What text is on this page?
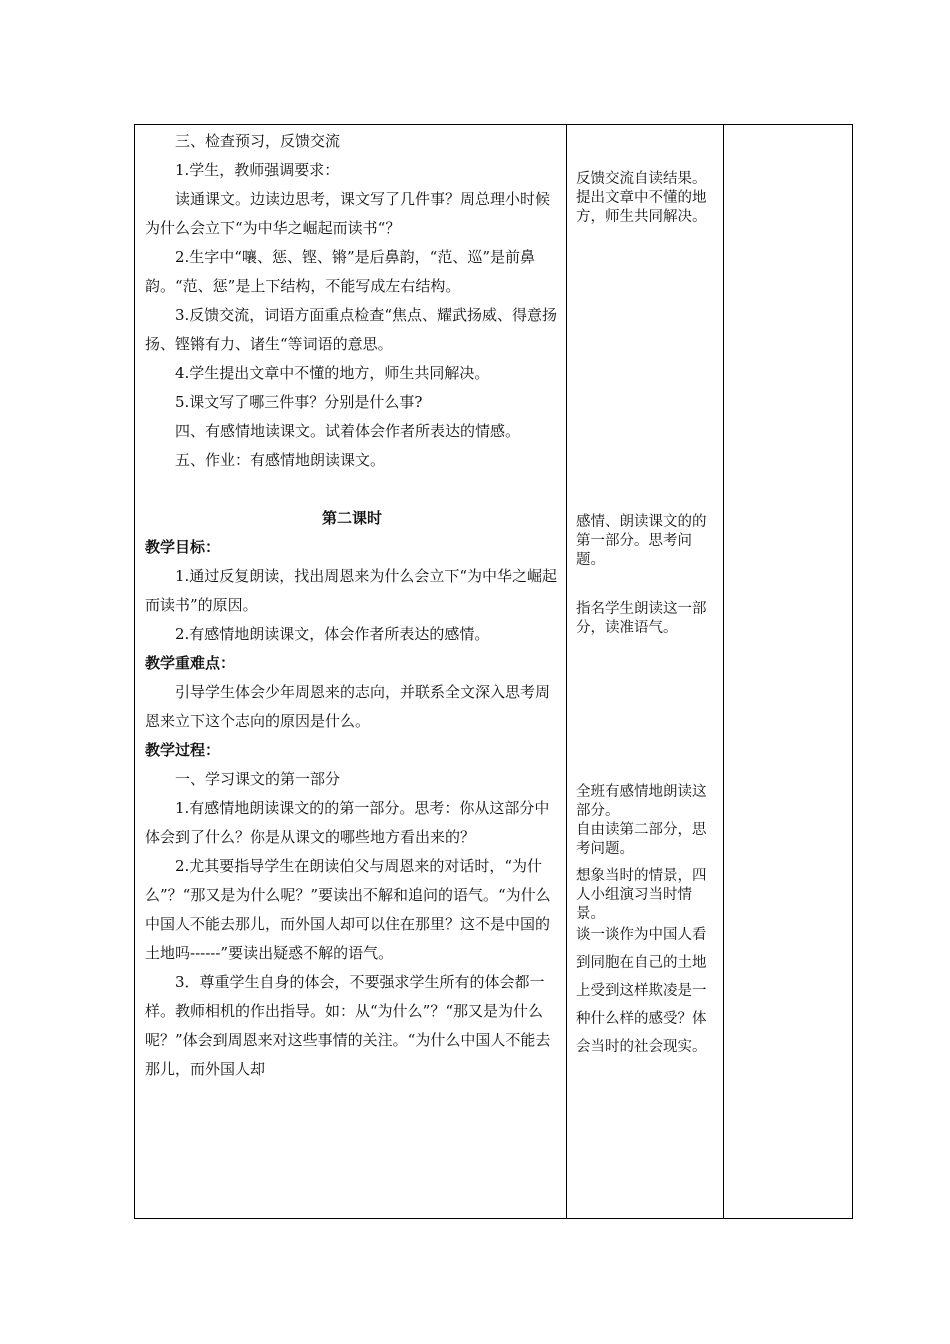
三、检查预习，反馈交流

1.学生，教师强调要求：

读通课文。边读边思考，课文写了几件事？周总理小时候为什么会立下“为中华之崛起而读书“？

2.生字中“嚷、惩、铿、锵”是后鼻韵，“范、巡”是前鼻韵。“范、惩”是上下结构，不能写成左右结构。

3.反馈交流，词语方面重点检查“焦点、耀武扬威、得意扬扬、铿锵有力、诸生“等词语的意思。

4.学生提出文章中不懂的地方，师生共同解决。

5.课文写了哪三件事？分别是什么事?

四、有感情地读课文。试着体会作者所表达的情感。

五、作业：有感情地朗读课文。

第二课时

教学目标：

1.通过反复朗读，找出周恩来为什么会立下“为中华之崛起而读书”的原因。

2.有感情地朗读课文，体会作者所表达的感情。

教学重难点：

引导学生体会少年周恩来的志向，并联系全文深入思考周恩来立下这个志向的原因是什么。

教学过程：

一、学习课文的第一部分

1.有感情地朗读课文的的第一部分。思考：你从这部分中体会到了什么？你是从课文的哪些地方看出来的？

2.尤其要指导学生在朗读伯父与周恩来的对话时，“为什么”？“那又是为什么呢？”要读出不解和追问的语气。“为什么中国人不能去那儿，而外国人却可以住在那里？这不是中国的土地吗------”要读出疑惑不解的语气。

3．尊重学生自身的体会，不要强求学生所有的体会都一样。教师相机的作出指导。如：从“为什么”？“那又是为什么呢？”体会到周恩来对这些事情的关注。“为什么中国人不能去那儿，而外国人却

反馈交流自读结果。

提出文章中不懂的地方，师生共同解决。

感情、朗读课文的的第一部分。思考问题。

指名学生朗读这一部分，读准语气。

全班有感情地朗读这部分。

自由读第二部分，思考问题。

想象当时的情景，四人小组演习当时情景。

谈一谈作为中国人看到同胞在自己的土地上受到这样欺凌是一种什么样的感受？体会当时的社会现实。
